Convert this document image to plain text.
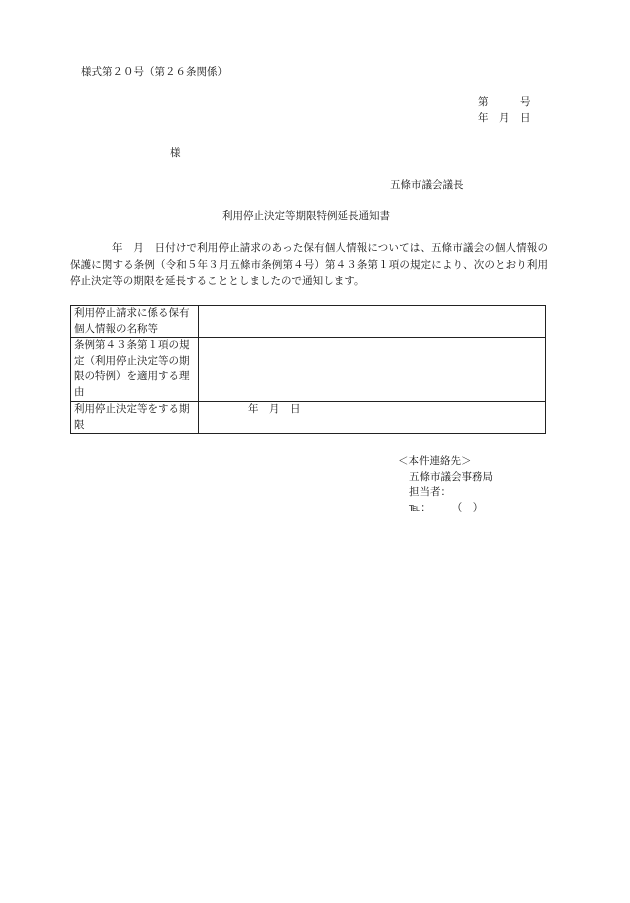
様式第２０号（第２６条関係）
第　　　号
年　月　日
様
五條市議会議長
利用停止決定等期限特例延長通知書
年　月　日付けで利用停止請求のあった保有個人情報については、五條市議会の個人情報の保護に関する条例（令和５年３月五條市条例第４号）第４３条第１項の規定により、次のとおり利用停止決定等の期限を延長することとしましたので通知します。
利用停止請求に係る保有個人情報の名称等	
条例第４３条第１項の規定（利用停止決定等の期限の特例）を適用する理由	
利用停止決定等をする期限	年　月　日
＜本件連絡先＞
五條市議会事務局
担当者：
℡：　　　（　）
